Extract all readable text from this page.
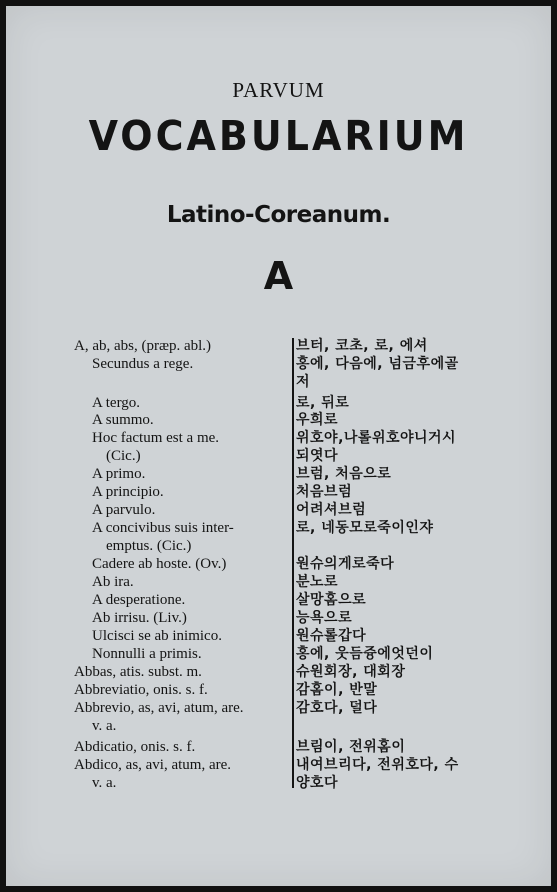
PARVUM
VOCABULARIUM
Latino-Coreanum.
A
A, ab, abs, (præp. abl.)	브터, 코초, 로, 에셔
Secundus a rege.	홍에, 다음에, 넘금후에골
저
A tergo.	로, 뒤로
A summo.	우희로
Hoc factum est a me.	위호야,나롤위호야니거시
(Cic.)	되엿다
A primo.	브럼, 처음으로
A principio.	처음브럼
A parvulo.	어려셔브럼
A concivibus suis inter-	로, 네동모로죽이인쟈
emptus. (Cic.)
Cadere ab hoste. (Ov.)	원슈의게로죽다
Ab ira.	분노로
A desperatione.	살망홈으로
Ab irrisu. (Liv.)	능욕으로
Ulcisci se ab inimico.	원슈롤갑다
Nonnulli a primis.	홍에, 웃듬즁에엇던이
Abbas, atis. subst. m.	슈원회장, 대회장
Abbreviatio, onis. s. f.	감홈이, 반말
Abbrevio, as, avi, atum, are.	감호다, 덜다
v. a.
Abdicatio, onis. s. f.	브림이, 전위홈이
Abdico, as, avi, atum, are.	내여브리다, 전위호다, 수
v. a.	양호다
